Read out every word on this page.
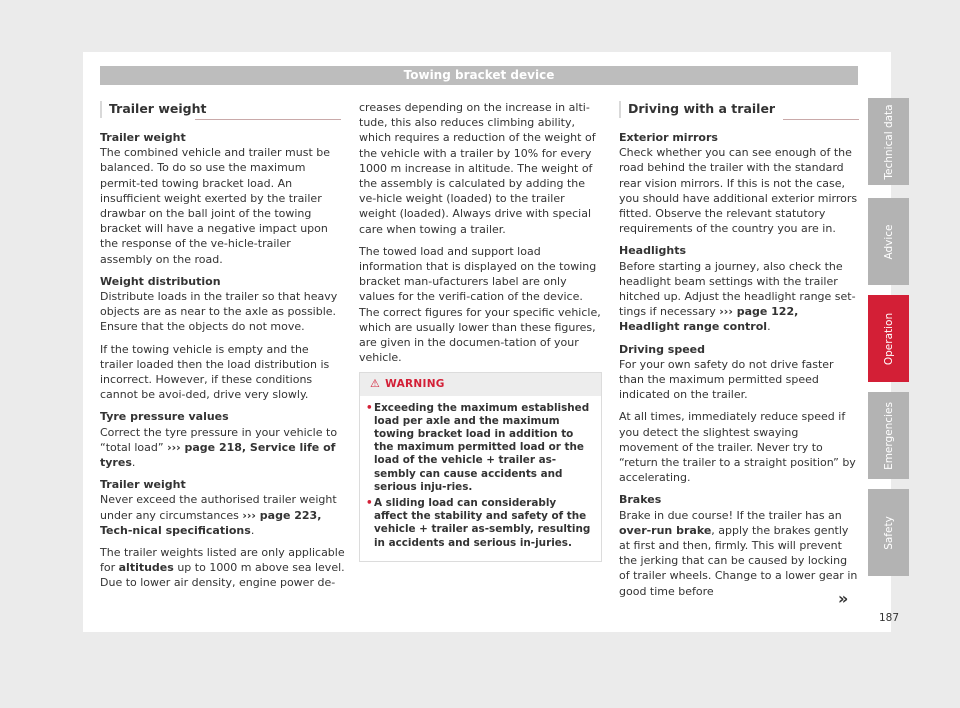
Towing bracket device
Trailer weight

Trailer weight

The combined vehicle and trailer must be balanced. To do so use the maximum permit-ted towing bracket load. An insufficient weight exerted by the trailer drawbar on the ball joint of the towing bracket will have a negative impact upon the response of the ve-hicle-trailer assembly on the road.

Weight distribution

Distribute loads in the trailer so that heavy objects are as near to the axle as possible. Ensure that the objects do not move.

If the towing vehicle is empty and the trailer loaded then the load distribution is incorrect. However, if these conditions cannot be avoi-ded, drive very slowly.

Tyre pressure values

Correct the tyre pressure in your vehicle to “total load” ››› page 218, Service life of tyres.

Trailer weight

Never exceed the authorised trailer weight under any circumstances ››› page 223, Tech-nical specifications.

The trailer weights listed are only applicable for altitudes up to 1000 m above sea level. Due to lower air density, engine power de-

creases depending on the increase in alti-tude, this also reduces climbing ability, which requires a reduction of the weight of the vehicle with a trailer by 10% for every 1000 m increase in altitude. The weight of the assembly is calculated by adding the ve-hicle weight (loaded) to the trailer weight (loaded). Always drive with special care when towing a trailer.

The towed load and support load information that is displayed on the towing bracket man-ufacturers label are only values for the verifi-cation of the device. The correct figures for your specific vehicle, which are usually lower than these figures, are given in the documen-tation of your vehicle.

⚠ WARNING
• Exceeding the maximum established load per axle and the maximum towing bracket load in addition to the maximum permitted load or the load of the vehicle + trailer as-sembly can cause accidents and serious inju-ries.
• A sliding load can considerably affect the stability and safety of the vehicle + trailer as-sembly, resulting in accidents and serious in-juries.
Driving with a trailer

Exterior mirrors

Check whether you can see enough of the road behind the trailer with the standard rear vision mirrors. If this is not the case, you should have additional exterior mirrors fitted. Observe the relevant statutory requirements of the country you are in.

Headlights

Before starting a journey, also check the headlight beam settings with the trailer hitched up. Adjust the headlight range set-tings if necessary ››› page 122, Headlight range control.

Driving speed

For your own safety do not drive faster than the maximum permitted speed indicated on the trailer.

At all times, immediately reduce speed if you detect the slightest swaying movement of the trailer. Never try to “return the trailer to a straight position” by accelerating.

Brakes

Brake in due course! If the trailer has an over-run brake, apply the brakes gently at first and then, firmly. This will prevent the jerking that can be caused by locking of trailer wheels. Change to a lower gear in good time before	»
187
Technical data
Advice
Operation
Emergencies
Safety
